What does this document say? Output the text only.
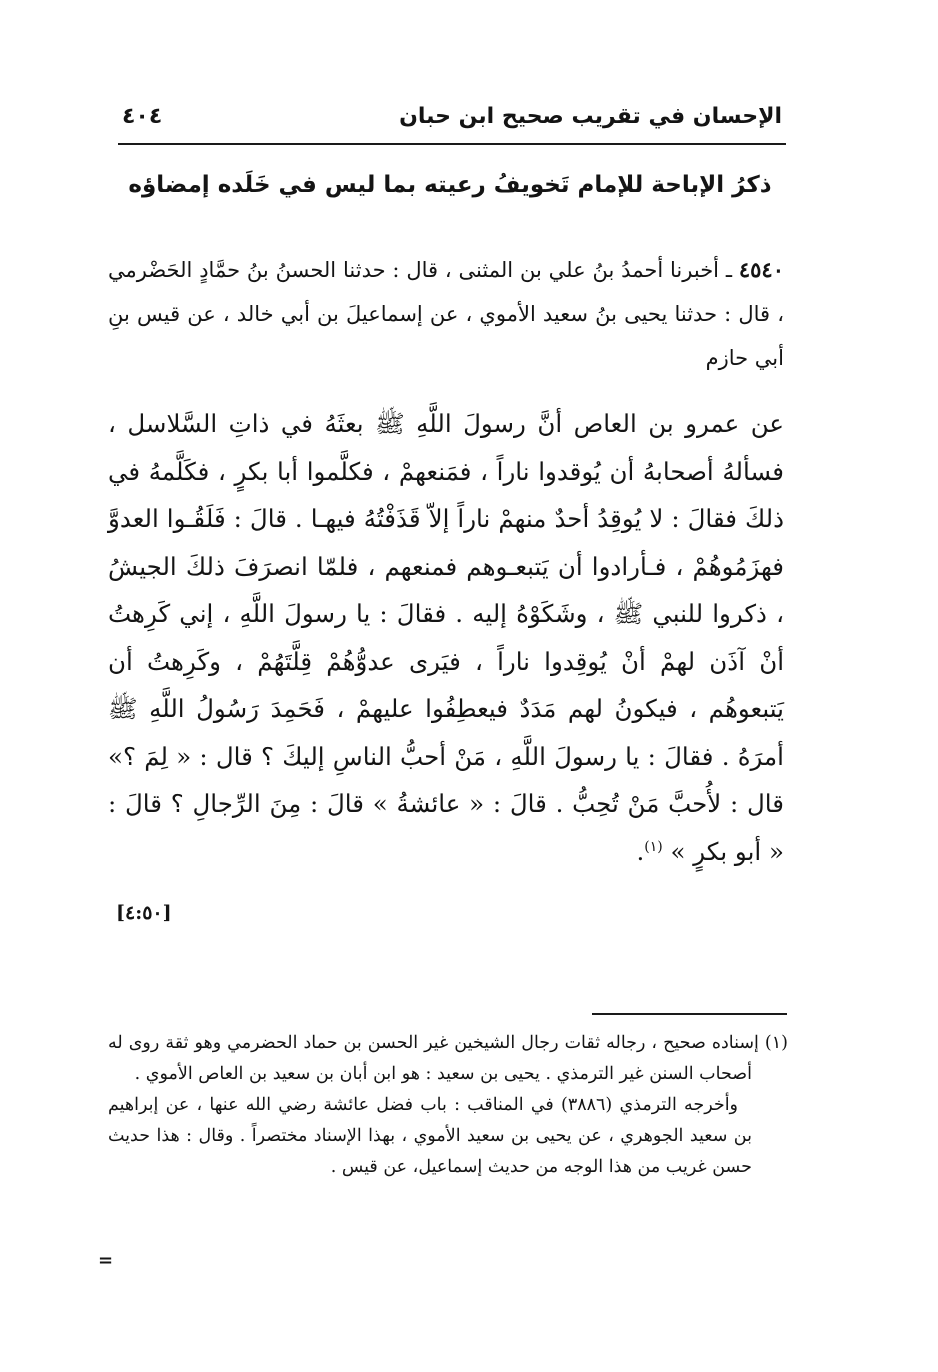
الإحسان في تقريب صحيح ابن حبان
٤٠٤
ذكرُ الإباحة للإمام تَخويفُ رعيته بما ليس في خَلَده إمضاؤه
٤٥٤٠ ـ أخبرنا أحمدُ بنُ علي بن المثنى ، قال : حدثنا الحسنُ بنُ حمَّادٍ الحَضْرمي ، قال : حدثنا يحيى بنُ سعيد الأموي ، عن إسماعيلَ بن أبي خالد ، عن قيس بنِ أبي حازم
عن عمرو بن العاص أنَّ رسولَ اللَّهِ ﷺ بعثَهُ في ذاتِ السَّلاسل ، فسألهُ أصحابهُ أن يُوقدوا ناراً ، فمَنعهمْ ، فكلَّموا أبا بكرٍ ، فكَلَّمهُ في ذلكَ فقالَ : لا يُوقِدُ أحدٌ منهمْ ناراً إلاّ قَذَفْتُهُ فيهـا . قالَ : فَلَقُـوا العدوَّ فهزَمُوهُمْ ، فـأرادوا أن يَتبعـوهم فمنعهم ، فلمّا انصرَفَ ذلكَ الجيشُ ، ذكروا للنبي ﷺ ، وشَكَوْهُ إليه . فقالَ : يا رسولَ اللَّهِ ، إني كَرِهتُ أنْ آذَن لهمْ أنْ يُوقِدوا ناراً ، فيَرى عدوُّهُمْ قِلَّتَهُمْ ، وكَرِهتُ أن يَتبعوهُم ، فيكونُ لهم مَدَدٌ فيعطِفُوا عليهمْ ، فَحَمِدَ رَسُولُ اللَّهِ ﷺ أمرَهُ . فقالَ : يا رسولَ اللَّهِ ، مَنْ أحبُّ الناسِ إليكَ ؟ قال : « لِمَ ؟» قال : لأُحبَّ مَنْ تُحِبُّ . قالَ : « عائشةُ » قالَ : مِنَ الرِّجالِ ؟ قالَ : « أبو بكرٍ » $^{(١)}$.
[٤:٥٠]

(١) إسناده صحيح ، رجاله ثقات رجال الشيخين غير الحسن بن حماد الحضرمي وهو ثقة روى له أصحاب السنن غير الترمذي . يحيى بن سعيد : هو ابن أبان بن سعيد بن العاص الأموي .

وأخرجه الترمذي (٣٨٨٦) في المناقب : باب فضل عائشة رضي الله عنها ، عن إبراهيم بن سعيد الجوهري ، عن يحيى بن سعيد الأموي ، بهذا الإسناد مختصراً . وقال : هذا حديث حسن غريب من هذا الوجه من حديث إسماعيل، عن قيس .

=
